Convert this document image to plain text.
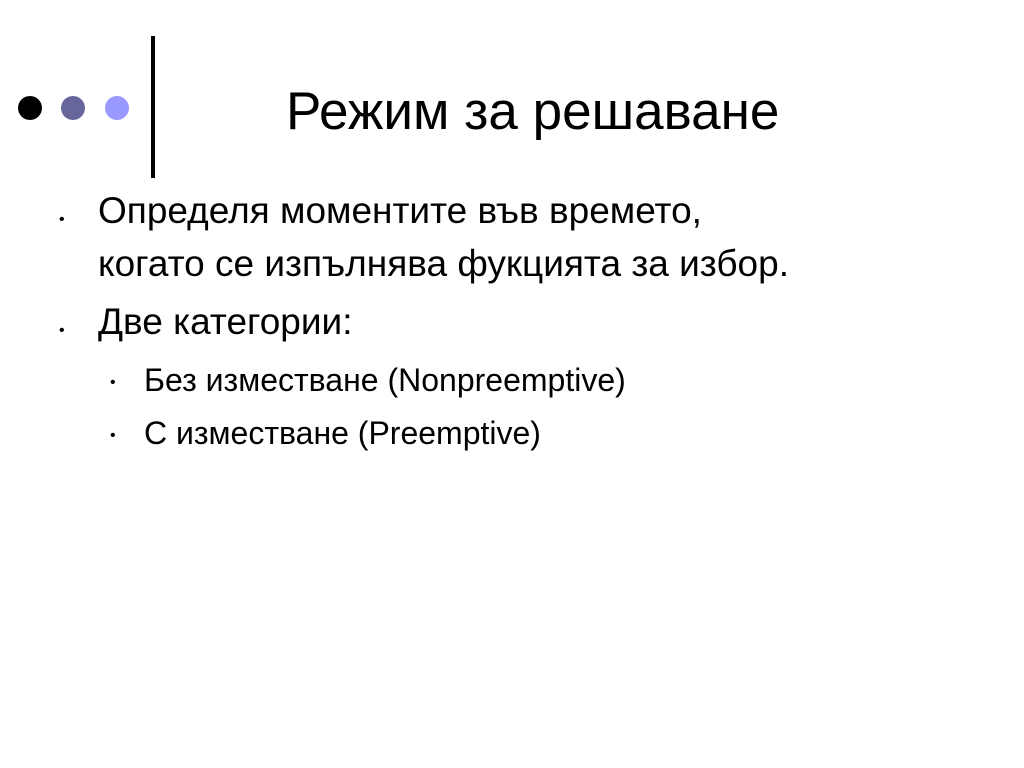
Режим за решаване
• Определя моментите във времето,
когато се изпълнява фукцията за избор.
• Две категории:
• Без изместване (Nonpreemptive)
• С изместване (Preemptive)
